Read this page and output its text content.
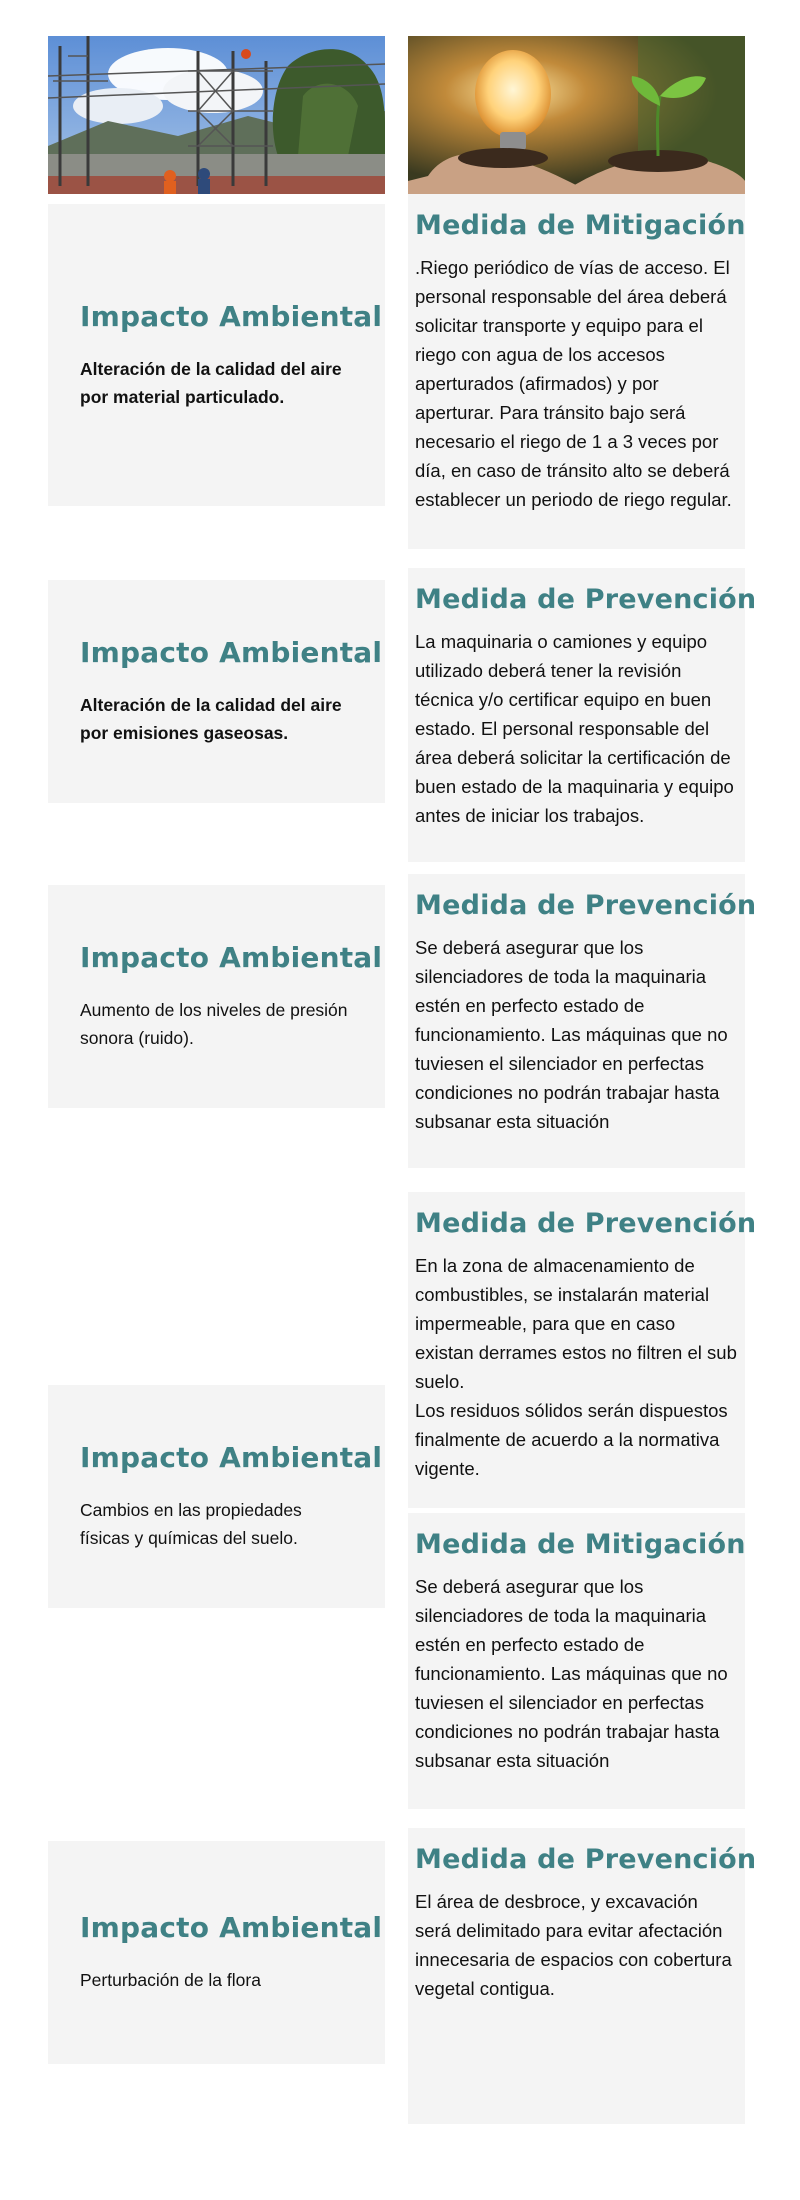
Impacto Ambiental
Alteración de la calidad del aire por material particulado.
Medida de Mitigación
.Riego periódico de vías de acceso. El personal responsable del área deberá solicitar transporte y equipo para el riego con agua de los accesos aperturados (afirmados) y por aperturar. Para tránsito bajo será necesario el riego de 1 a 3 veces por día, en caso de tránsito alto se deberá establecer un periodo de riego regular.
Impacto Ambiental
Alteración de la calidad del aire por emisiones gaseosas.
Medida de Prevención
La maquinaria o camiones y equipo utilizado deberá tener la revisión técnica y/o certificar equipo en buen estado. El personal responsable del área deberá solicitar la certificación de buen estado de la maquinaria y equipo antes de iniciar los trabajos.
Impacto Ambiental
Aumento de los niveles de presión sonora (ruido).
Medida de Prevención
Se deberá asegurar que los silenciadores de toda la maquinaria estén en perfecto estado de funcionamiento. Las máquinas que no tuviesen el silenciador en perfectas condiciones no podrán trabajar hasta subsanar esta situación
Medida de Prevención

En la zona de almacenamiento de combustibles, se instalarán material impermeable, para que en caso existan derrames estos no filtren el sub suelo.

Los residuos sólidos serán dispuestos finalmente de acuerdo a la normativa vigente.

Impacto Ambiental
Cambios en las propiedades físicas y químicas del suelo.	Medida de Mitigación
Se deberá asegurar que los silenciadores de toda la maquinaria estén en perfecto estado de funcionamiento. Las máquinas que no tuviesen el silenciador en perfectas condiciones no podrán trabajar hasta subsanar esta situación
Impacto Ambiental
Perturbación de la flora
Medida de Prevención
El área de desbroce, y excavación será delimitado para evitar afectación innecesaria de espacios con cobertura vegetal contigua.
